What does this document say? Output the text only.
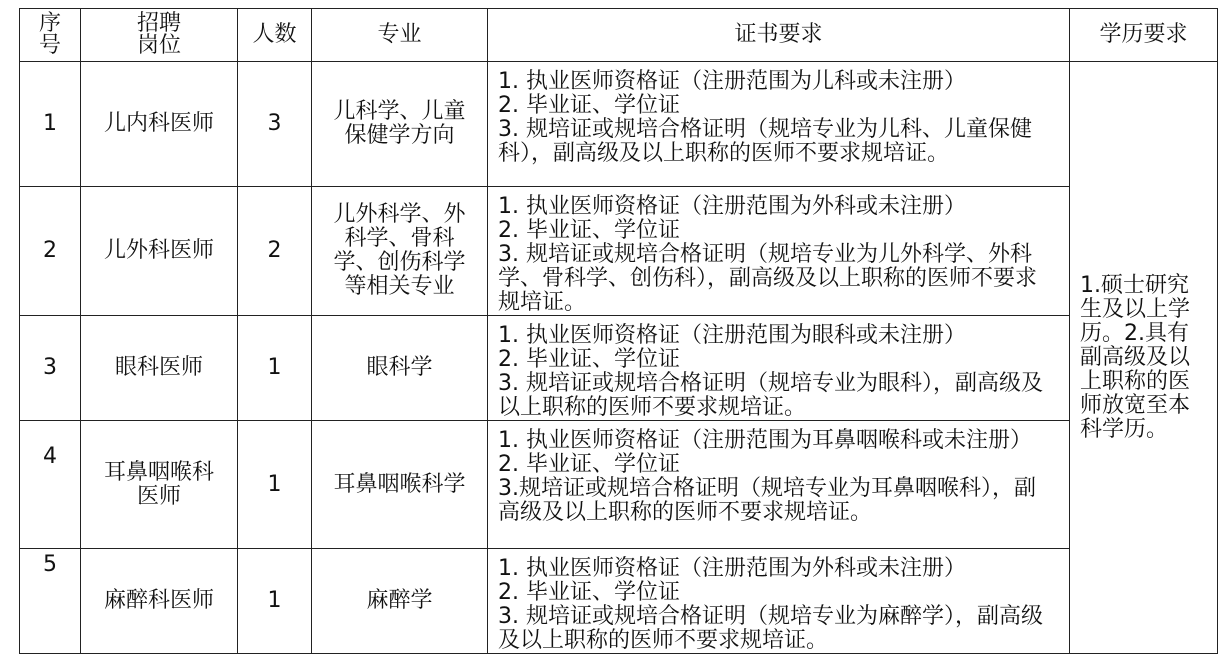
序号	招聘岗位	人数	专业	证书要求	学历要求
1	儿内科医师	3	儿科学、儿童保健学方向	1. 执业医师资格证（注册范围为儿科或未注册）
2. 毕业证、学位证
3. 规培证或规培合格证明（规培专业为儿科、儿童保健科），副高级及以上职称的医师不要求规培证。	1.硕士研究生及以上学历。2.具有副高级及以上职称的医师放宽至本科学历。

2	儿外科医师	2	儿外科学、外科学、骨科学、创伤科学等相关专业	1. 执业医师资格证（注册范围为外科或未注册）
2. 毕业证、学位证
3. 规培证或规培合格证明（规培专业为儿外科学、外科学、骨科学、创伤科），副高级及以上职称的医师不要求规培证。	

3	眼科医师	1	眼科学	1. 执业医师资格证（注册范围为眼科或未注册）
2. 毕业证、学位证
3. 规培证或规培合格证明（规培专业为眼科），副高级及以上职称的医师不要求规培证。	

4	耳鼻咽喉科医师	1	耳鼻咽喉科学	1. 执业医师资格证（注册范围为耳鼻咽喉科或未注册）
2. 毕业证、学位证
3.规培证或规培合格证明（规培专业为耳鼻咽喉科），副高级及以上职称的医师不要求规培证。	

5	麻醉科医师	1	麻醉学	1. 执业医师资格证（注册范围为外科或未注册）
2. 毕业证、学位证
3. 规培证或规培合格证明（规培专业为麻醉学），副高级及以上职称的医师不要求规培证。	
